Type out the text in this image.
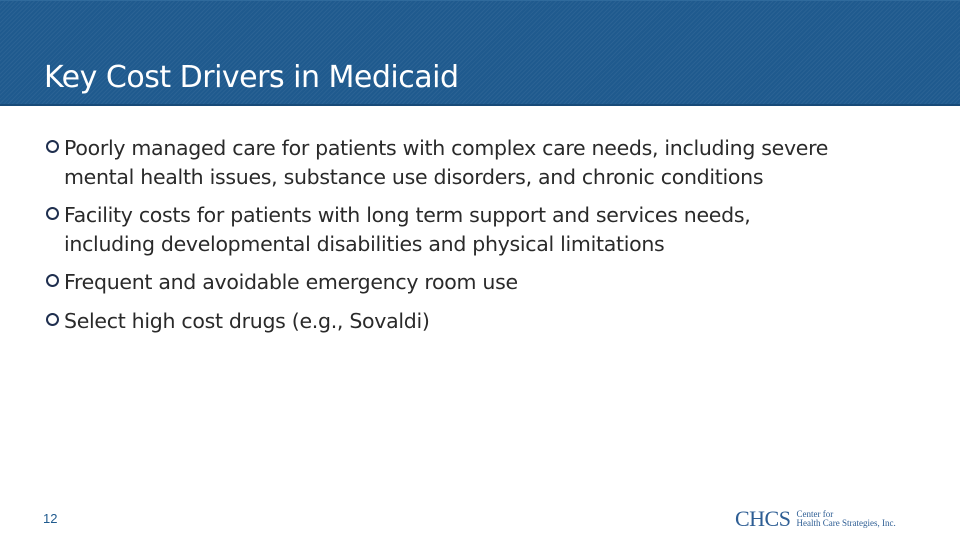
Key Cost Drivers in Medicaid
Poorly managed care for patients with complex care needs, including severe mental health issues, substance use disorders, and chronic conditions
Facility costs for patients with long term support and services needs, including developmental disabilities and physical limitations
Frequent and avoidable emergency room use
Select high cost drugs (e.g., Sovaldi)
12	CHCS Center for
Health Care Strategies, Inc.
